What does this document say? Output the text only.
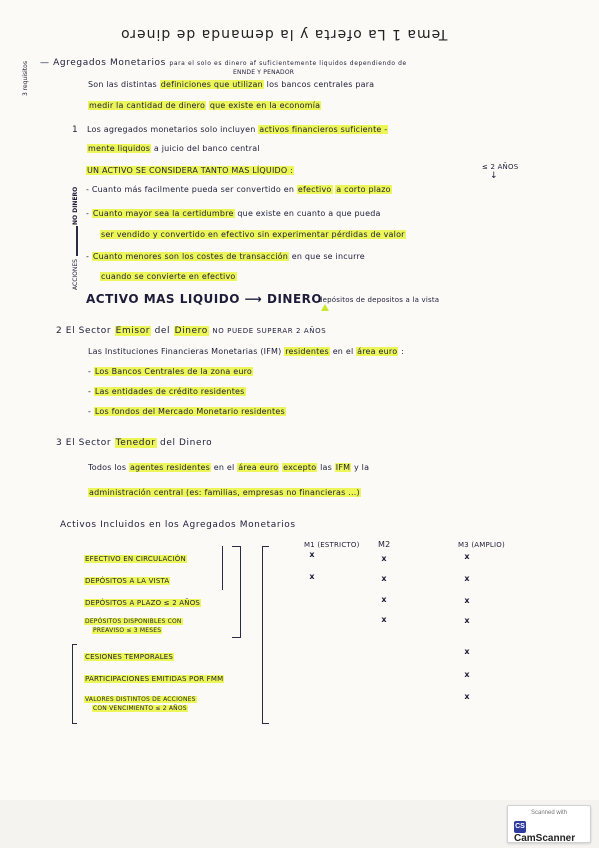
Tema 1 La oferta y la demanda de dinero
3 requisitos — Agregados Monetarios para el solo es dinero af suficientemente liquidos dependiendo de
ENNDE Y PENADOR
Son las distintas definiciones que utilizan los bancos centrales para
medir la cantidad de dinero que existe en la economía
1 Los agregados monetarios solo incluyen activos financieros suficiente -
mente liquidos a juicio del banco central
UN ACTIVO SE CONSIDERA TANTO MAS LÍQUIDO :	≤ 2 AÑOS
↓
- Cuanto más facilmente pueda ser convertido en efectivo a corto plazo
- Cuanto mayor sea la certidumbre que existe en cuanto a que pueda
ser vendido y convertido en efectivo sin experimentar pérdidas de valor
- Cuanto menores son los costes de transacción en que se incurre
cuando se convierte en efectivo
NO DINERO
ACCIONES
ACTIVO MAS LIQUIDO ⟶ DINERO
depósitos de depositos a la vista
2 El Sector Emisor del Dinero NO PUEDE SUPERAR 2 AÑOS
Las Instituciones Financieras Monetarias (IFM) residentes en el área euro :
- Los Bancos Centrales de la zona euro
- Las entidades de crédito residentes
- Los fondos del Mercado Monetario residentes
3 El Sector Tenedor del Dinero
Todos los agentes residentes en el área euro excepto las IFM y la
administración central (es: familias, empresas no financieras ...)
Activos Incluidos en los Agregados Monetarios
M1 (ESTRICTO) M2	M3 (AMPLIO)
EFECTIVO EN CIRCULACIÓN
DEPÓSITOS A LA VISTA
DEPÓSITOS A PLAZO ≤ 2 AÑOS
DEPÓSITOS DISPONIBLES CON
PREAVISO ≤ 3 MESES
CESIONES TEMPORALES
PARTICIPACIONES EMITIDAS POR FMM
VALORES DISTINTOS DE ACCIONES
CON VENCIMIENTO ≤ 2 AÑOS
x
x
x
x
x
x
x
x
x
x
x
x
x
Scanned with
CSCamScanner
